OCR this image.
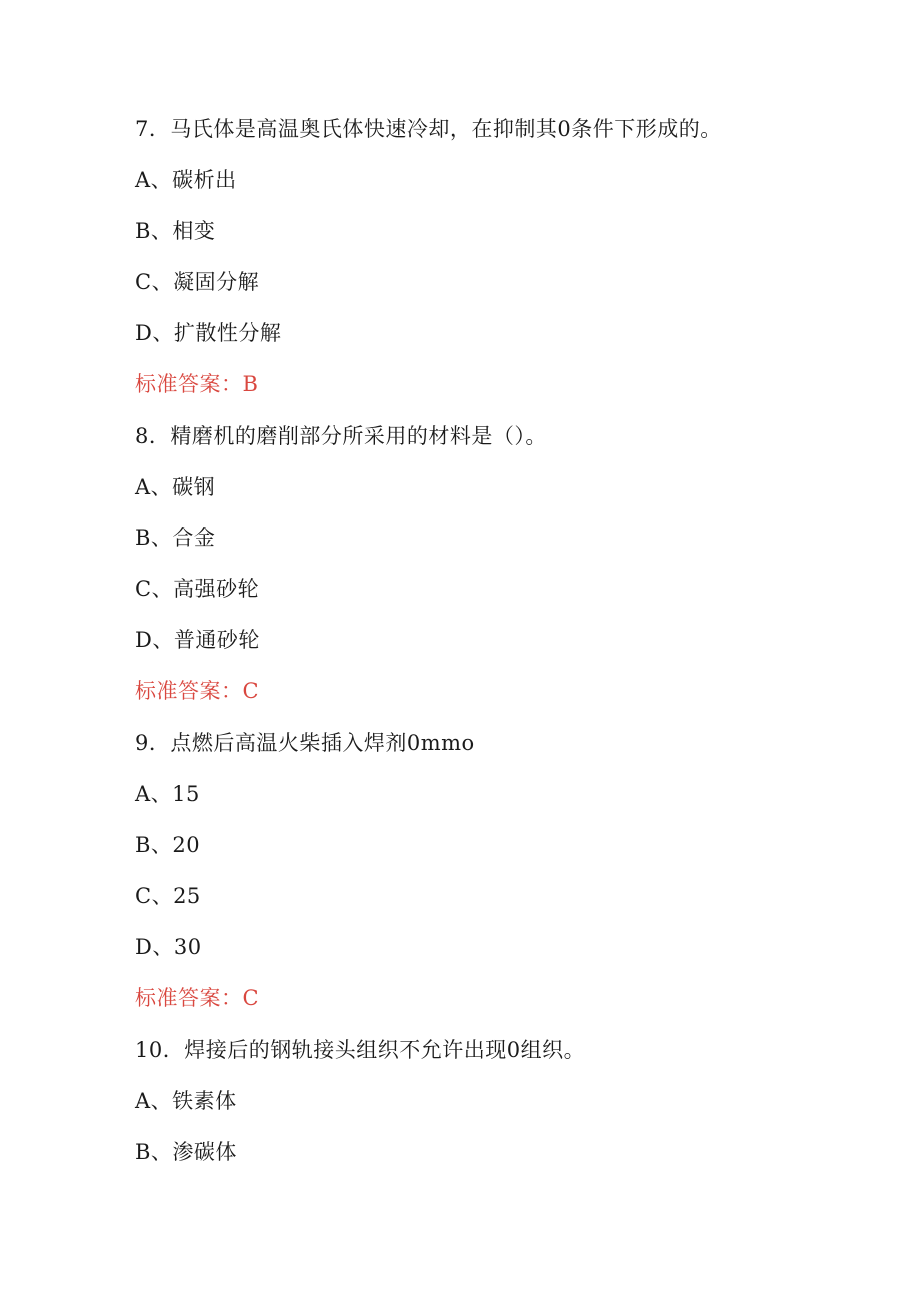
7．马氏体是高温奥氏体快速冷却，在抑制其0条件下形成的。
A、碳析出
B、相变
C、凝固分解
D、扩散性分解
标准答案：B
8．精磨机的磨削部分所采用的材料是（）。
A、碳钢
B、合金
C、高强砂轮
D、普通砂轮
标准答案：C
9．点燃后高温火柴插入焊剂0mmo
A、15
B、20
C、25
D、30
标准答案：C
10．焊接后的钢轨接头组织不允许出现0组织。
A、铁素体
B、渗碳体
